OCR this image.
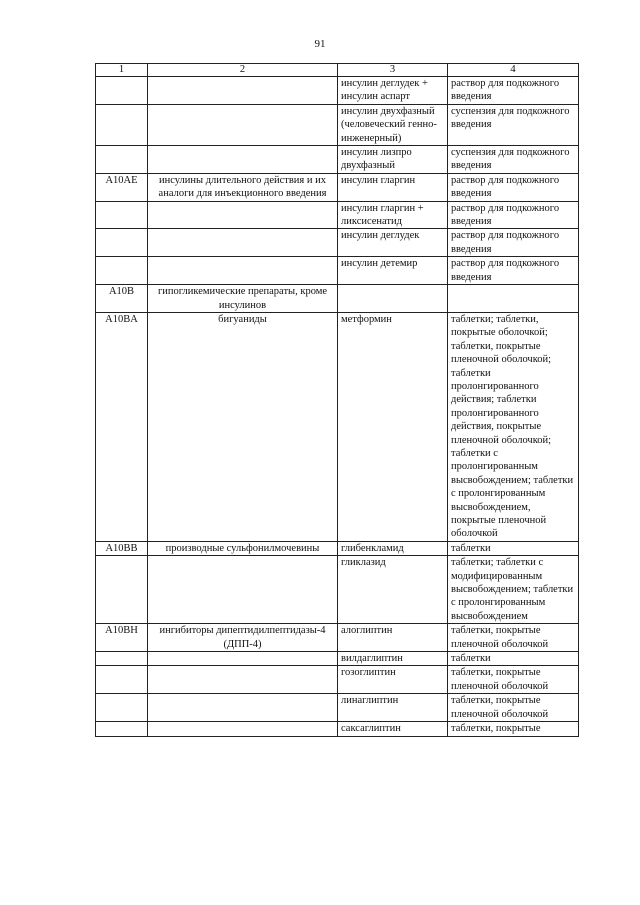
91
1	2	3	4
		инсулин деглудек + инсулин аспарт	раствор для подкожного введения
		инсулин двухфазный (человеческий генно-инженерный)	суспензия для подкожного введения
		инсулин лизпро двухфазный	суспензия для подкожного введения
A10AE	инсулины длительного действия и их аналоги для инъекционного введения	инсулин гларгин	раствор для подкожного введения
		инсулин гларгин + ликсисенатид	раствор для подкожного введения
		инсулин деглудек	раствор для подкожного введения
		инсулин детемир	раствор для подкожного введения
A10B	гипогликемические препараты, кроме инсулинов		
A10BA	бигуаниды	метформин	таблетки; таблетки, покрытые оболочкой; таблетки, покрытые пленочной оболочкой; таблетки пролонгированного действия; таблетки пролонгированного действия, покрытые пленочной оболочкой; таблетки с пролонгированным высвобождением; таблетки с пролонгированным высвобождением, покрытые пленочной оболочкой
A10BB	производные сульфонилмочевины	глибенкламид	таблетки
		гликлазид	таблетки; таблетки с модифицированным высвобождением; таблетки с пролонгированным высвобождением
A10BH	ингибиторы дипептидилпептидазы-4 (ДПП-4)	алоглиптин	таблетки, покрытые пленочной оболочкой
		вилдаглиптин	таблетки
		гозоглиптин	таблетки, покрытые пленочной оболочкой
		линаглиптин	таблетки, покрытые пленочной оболочкой
		саксаглиптин	таблетки, покрытые
